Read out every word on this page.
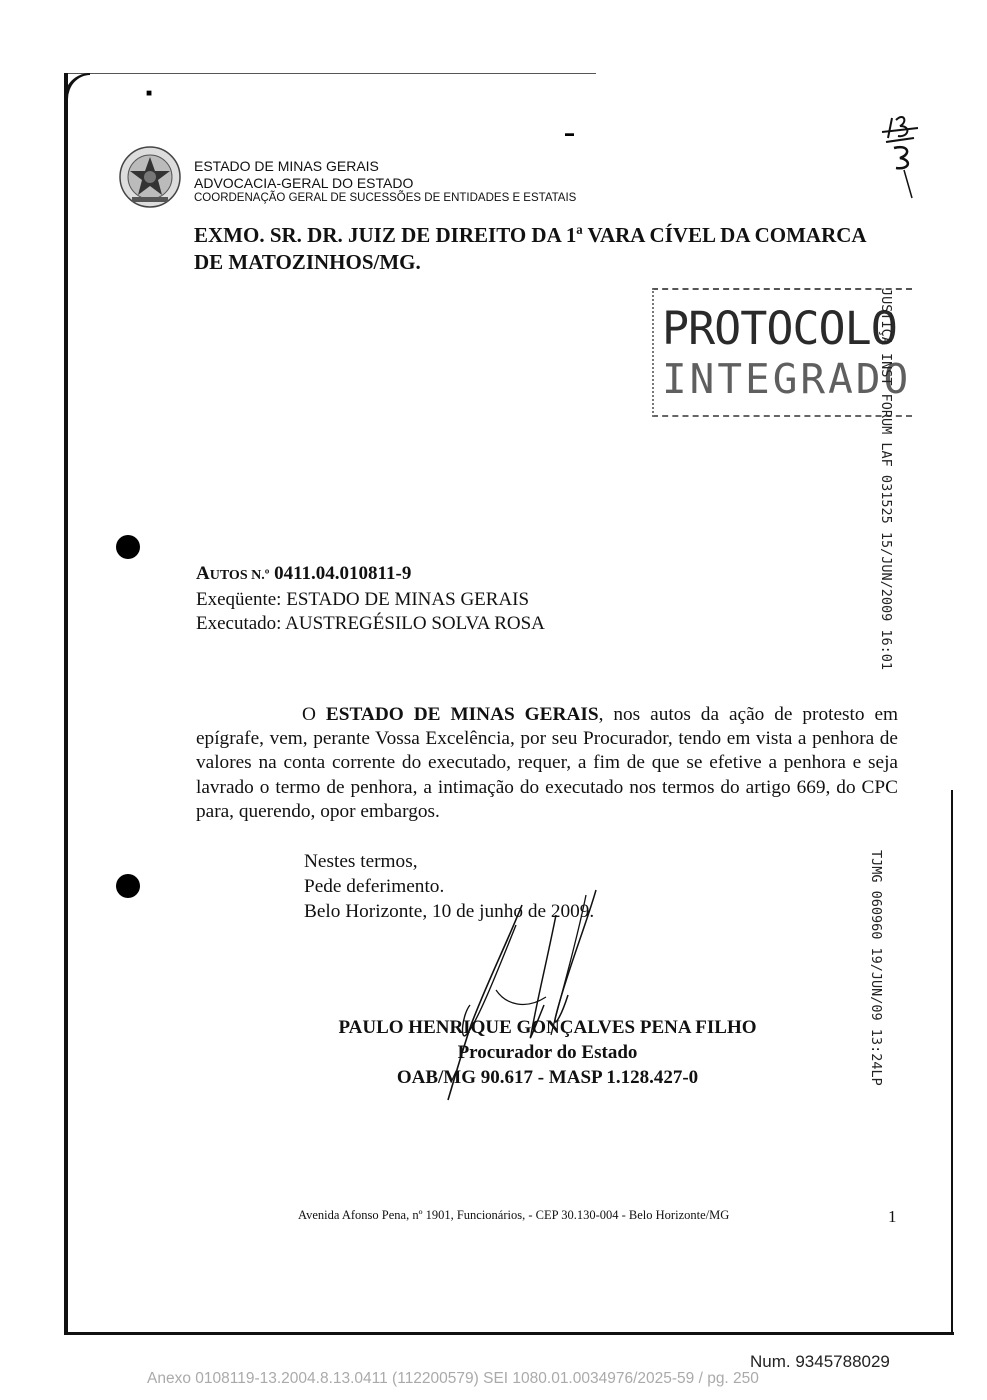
■
▬
ESTADO DE MINAS GERAIS
ADVOCACIA-GERAL DO ESTADO
COORDENAÇÃO GERAL DE SUCESSÕES DE ENTIDADES E ESTATAIS
EXMO. SR. DR. JUIZ DE DIREITO DA 1ª VARA CÍVEL DA COMARCA
DE MATOZINHOS/MG.
PROTOCOLO
INTEGRADO
JUSTIÇA INST FORUM LAF 031525 15/JUN/2009 16:01
AUTOS N.º 0411.04.010811-9
Exeqüente: ESTADO DE MINAS GERAIS
Executado: AUSTREGÉSILO SOLVA ROSA
O ESTADO DE MINAS GERAIS, nos autos da ação de protesto em epígrafe, vem, perante Vossa Excelência, por seu Procurador, tendo em vista a penhora de valores na conta corrente do executado, requer, a fim de que se efetive a penhora e seja lavrado o termo de penhora, a intimação do executado nos termos do artigo 669, do CPC para, querendo, opor embargos.
Nestes termos,
Pede deferimento.
Belo Horizonte, 10 de junho de 2009.
PAULO HENRIQUE GONÇALVES PENA FILHO
Procurador do Estado
OAB/MG 90.617 - MASP 1.128.427-0	TJMG 060960 19/JUN/09 13:24LP
Avenida Afonso Pena, nº 1901, Funcionários, - CEP 30.130-004 - Belo Horizonte/MG	1
Num. 9345788029
Anexo 0108119-13.2004.8.13.0411 (112200579) SEI 1080.01.0034976/2025-59 / pg. 250
